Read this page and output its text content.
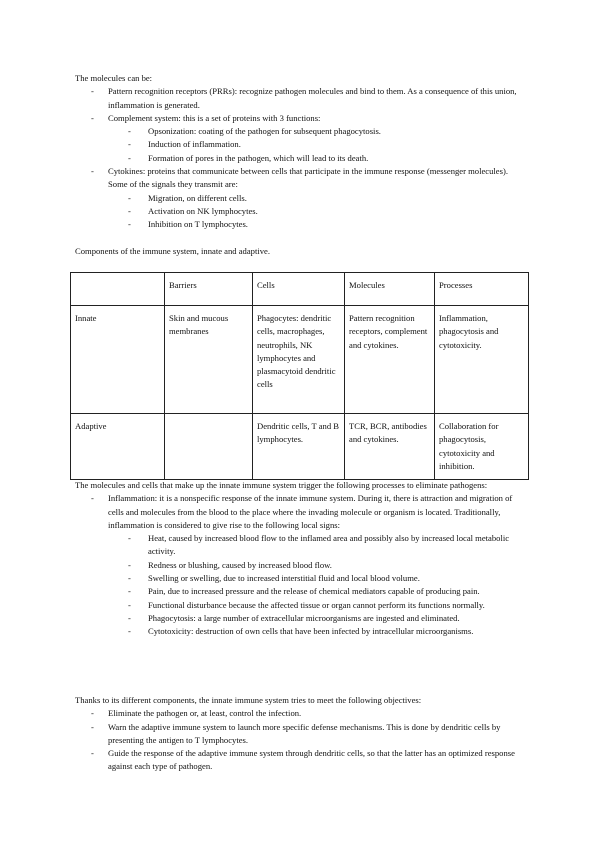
The molecules can be:

- Pattern recognition receptors (PRRs): recognize pathogen molecules and bind to them. As a consequence of this union, inflammation is generated.
- Complement system: this is a set of proteins with 3 functions:
- Opsonization: coating of the pathogen for subsequent phagocytosis.
- Induction of inflammation.
- Formation of pores in the pathogen, which will lead to its death.
- Cytokines: proteins that communicate between cells that participate in the immune response (messenger molecules). Some of the signals they transmit are:
- Migration, on different cells.
- Activation on NK lymphocytes.
- Inhibition on T lymphocytes.

Components of the immune system, innate and adaptive.

	Barriers	Cells	Molecules	Processes
Innate	Skin and mucous membranes	Phagocytes: dendritic cells, macrophages, neutrophils, NK lymphocytes and plasmacytoid dendritic cells	Pattern recognition receptors, complement and cytokines.	Inflammation, phagocytosis and cytotoxicity.
Adaptive		Dendritic cells, T and B lymphocytes.	TCR, BCR, antibodies and cytokines.	Collaboration for phagocytosis, cytotoxicity and inhibition.

The molecules and cells that make up the innate immune system trigger the following processes to eliminate pathogens:

- Inflammation: it is a nonspecific response of the innate immune system. During it, there is attraction and migration of cells and molecules from the blood to the place where the invading molecule or organism is located. Traditionally, inflammation is considered to give rise to the following local signs:
- Heat, caused by increased blood flow to the inflamed area and possibly also by increased local metabolic activity.
- Redness or blushing, caused by increased blood flow.
- Swelling or swelling, due to increased interstitial fluid and local blood volume.
- Pain, due to increased pressure and the release of chemical mediators capable of producing pain.
- Functional disturbance because the affected tissue or organ cannot perform its functions normally.
- Phagocytosis: a large number of extracellular microorganisms are ingested and eliminated.
- Cytotoxicity: destruction of own cells that have been infected by intracellular microorganisms.

Thanks to its different components, the innate immune system tries to meet the following objectives:

- Eliminate the pathogen or, at least, control the infection.
- Warn the adaptive immune system to launch more specific defense mechanisms. This is done by dendritic cells by presenting the antigen to T lymphocytes.
- Guide the response of the adaptive immune system through dendritic cells, so that the latter has an optimized response against each type of pathogen.
